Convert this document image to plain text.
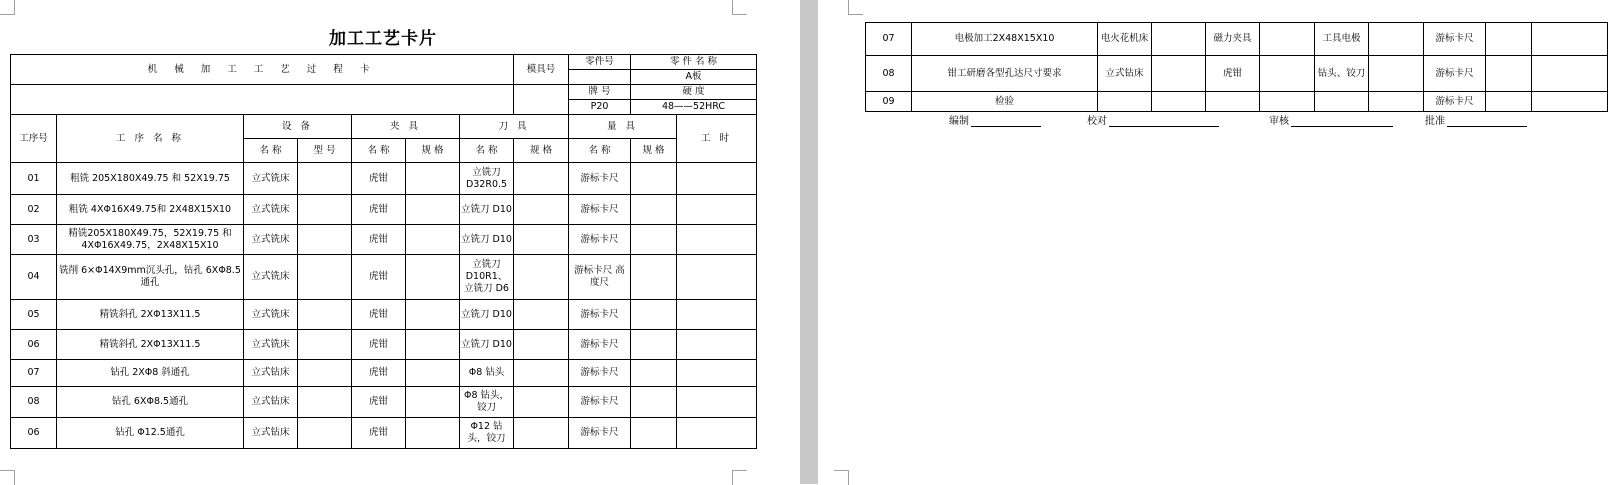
加工工艺卡片
机 械 加 工 工 艺 过 程 卡							模具号	零件号	零 件 名 称	
									A板	
								牌 号	硬 度	
								P20	48——52HRC	
工序号	工 序 名 称	设 备		夹 具		刀 具		量 具		工 时
		名 称	型 号	名 称	规 格	名 称	规 格	名 称	规 格	
01	粗铣 205X180X49.75 和 52X19.75	立式铣床		虎钳		立铣刀 D32R0.5		游标卡尺		
02	粗铣 4XΦ16X49.75和 2X48X15X10	立式铣床		虎钳		立铣刀 D10		游标卡尺		
03	精铣205X180X49.75，52X19.75 和 4XΦ16X49.75，2X48X15X10	立式铣床		虎钳		立铣刀 D10		游标卡尺		
04	铣削 6×Φ14X9mm沉头孔，钻孔 6XΦ8.5 通孔	立式铣床		虎钳		立铣刀 D10R1、立铣刀 D6		游标卡尺 高度尺		
05	精铣斜孔 2XΦ13X11.5	立式铣床		虎钳		立铣刀 D10		游标卡尺		
06	精铣斜孔 2XΦ13X11.5	立式铣床		虎钳		立铣刀 D10		游标卡尺		
07	钻孔 2XΦ8 斜通孔	立式钻床		虎钳		Φ8 钻头		游标卡尺		
08	钻孔 6XΦ8.5通孔	立式钻床		虎钳		Φ8 钻头，铰刀		游标卡尺		
06	钻孔 Φ12.5通孔	立式钻床		虎钳		Φ12 钻头，铰刀		游标卡尺		
07	电极加工2X48X15X10	电火花机床		磁力夹具		工具电极		游标卡尺		
08	钳工研磨各型孔达尺寸要求	立式钻床		虎钳		钻头、铰刀		游标卡尺		
09	检验							游标卡尺		
编制	校对	审核	批准
